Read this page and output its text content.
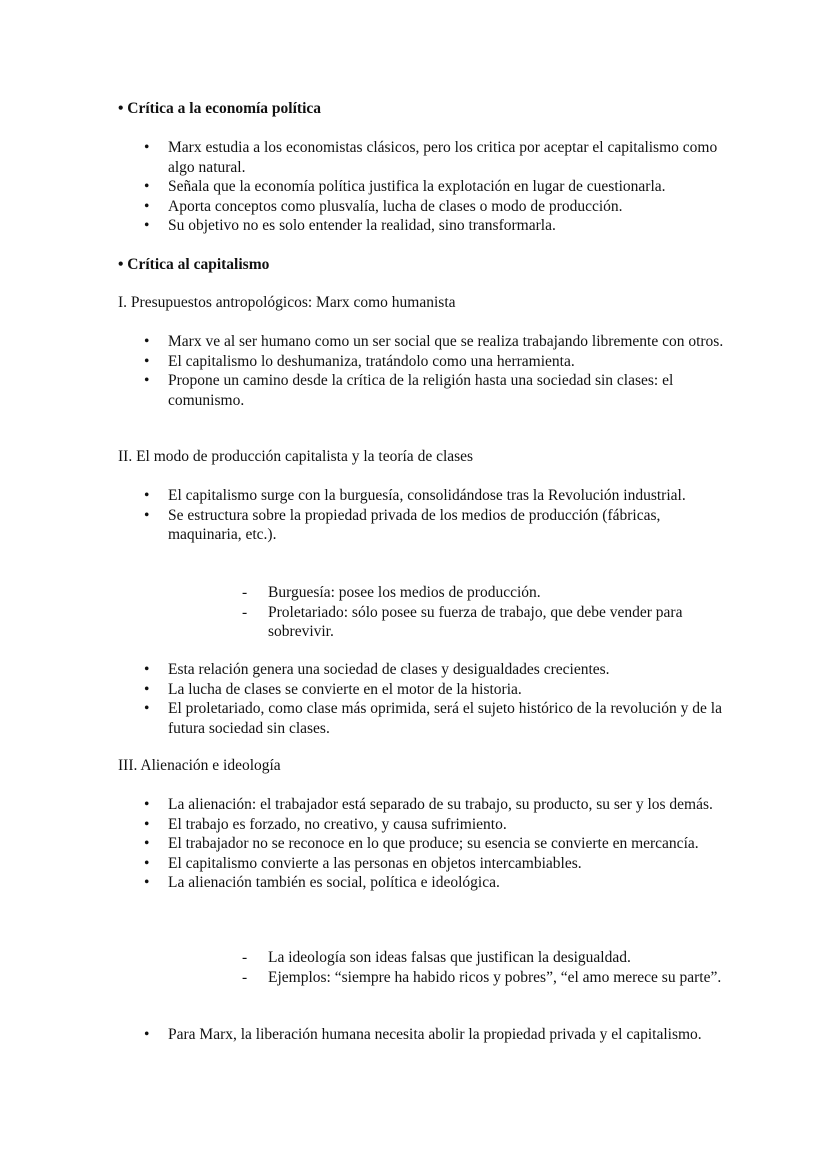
• Crítica a la economía política
• Marx estudia a los economistas clásicos, pero los critica por aceptar el capitalismo como algo natural.
• Señala que la economía política justifica la explotación en lugar de cuestionarla.
• Aporta conceptos como plusvalía, lucha de clases o modo de producción.
• Su objetivo no es solo entender la realidad, sino transformarla.
• Crítica al capitalismo
I. Presupuestos antropológicos: Marx como humanista
• Marx ve al ser humano como un ser social que se realiza trabajando libremente con otros.
• El capitalismo lo deshumaniza, tratándolo como una herramienta.
• Propone un camino desde la crítica de la religión hasta una sociedad sin clases: el comunismo.
II. El modo de producción capitalista y la teoría de clases
• El capitalismo surge con la burguesía, consolidándose tras la Revolución industrial.
• Se estructura sobre la propiedad privada de los medios de producción (fábricas, maquinaria, etc.).
- Burguesía: posee los medios de producción.
- Proletariado: sólo posee su fuerza de trabajo, que debe vender para sobrevivir.
• Esta relación genera una sociedad de clases y desigualdades crecientes.
• La lucha de clases se convierte en el motor de la historia.
• El proletariado, como clase más oprimida, será el sujeto histórico de la revolución y de la futura sociedad sin clases.
III. Alienación e ideología
• La alienación: el trabajador está separado de su trabajo, su producto, su ser y los demás.
• El trabajo es forzado, no creativo, y causa sufrimiento.
• El trabajador no se reconoce en lo que produce; su esencia se convierte en mercancía.
• El capitalismo convierte a las personas en objetos intercambiables.
• La alienación también es social, política e ideológica.
- La ideología son ideas falsas que justifican la desigualdad.
- Ejemplos: “siempre ha habido ricos y pobres”, “el amo merece su parte”.
• Para Marx, la liberación humana necesita abolir la propiedad privada y el capitalismo.
